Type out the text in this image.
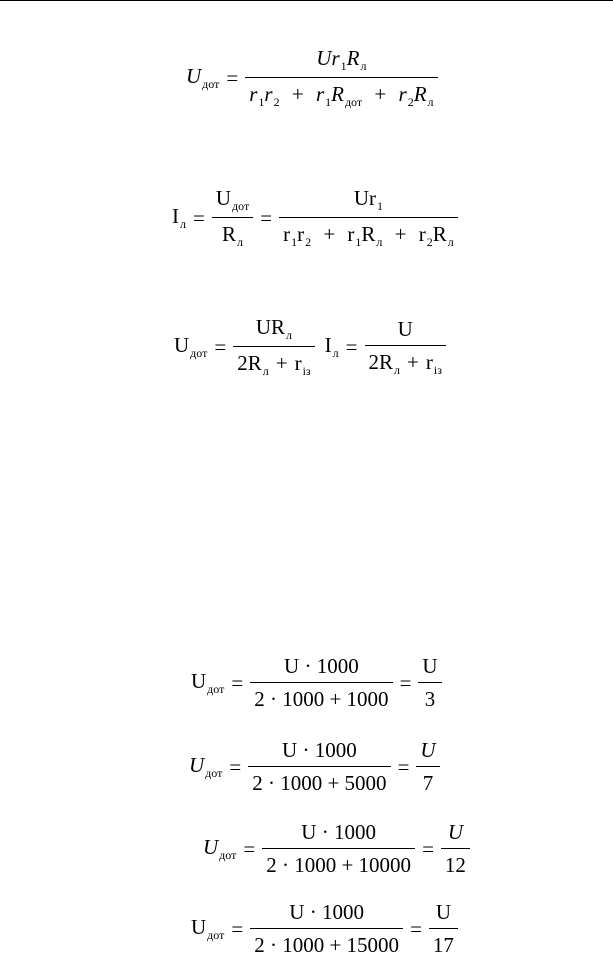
$U_{дот} = \frac{Ur_1R_л}{r_1r_2 + r_1R_{дот} + r_2R_л}$
$I_л = \frac{U_{дот}}{R_л} = \frac{Ur_1}{r_1r_2 + r_1R_л + r_2R_л}$
$U_{дот} = \frac{UR_л}{2R_л + r_{із}} I_л = \frac{U}{2R_л + r_{із}}$
$U_{дот} = \frac{U \cdot 1000}{2 \cdot 1000 + 1000} = \frac{U}{3}$
$U_{дот} = \frac{U \cdot 1000}{2 \cdot 1000 + 5000} = \frac{U}{7}$
$U_{дот} = \frac{U \cdot 1000}{2 \cdot 1000 + 10000} = \frac{U}{12}$
$U_{дот} = \frac{U \cdot 1000}{2 \cdot 1000 + 15000} = \frac{U}{17}$
